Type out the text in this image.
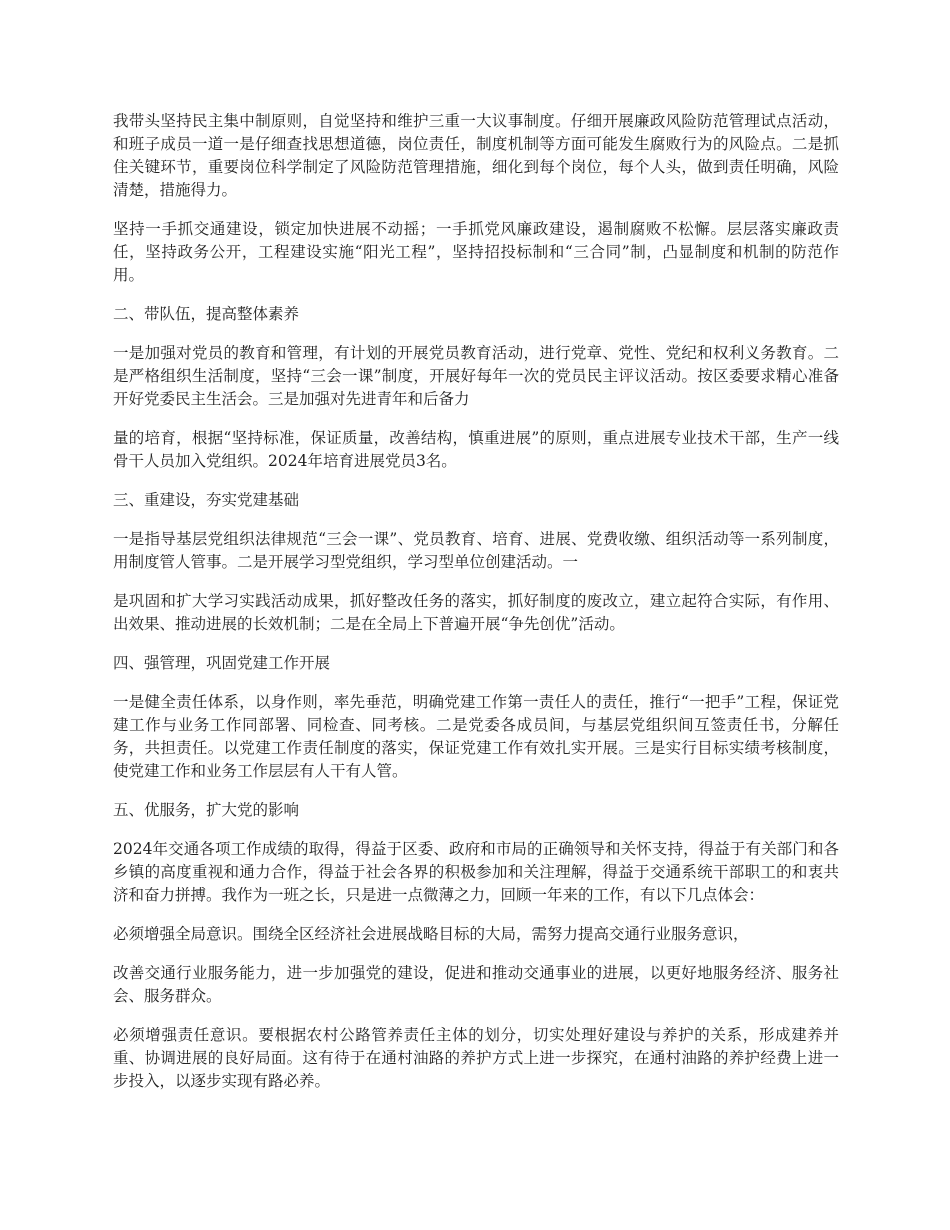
我带头坚持民主集中制原则，自觉坚持和维护三重一大议事制度。仔细开展廉政风险防范管理试点活动，和班子成员一道一是仔细查找思想道德，岗位责任，制度机制等方面可能发生腐败行为的风险点。二是抓住关键环节，重要岗位科学制定了风险防范管理措施，细化到每个岗位，每个人头，做到责任明确，风险清楚，措施得力。

坚持一手抓交通建设，锁定加快进展不动摇；一手抓党风廉政建设，遏制腐败不松懈。层层落实廉政责任，坚持政务公开，工程建设实施“阳光工程”，坚持招投标制和“三合同”制，凸显制度和机制的防范作用。

二、带队伍，提高整体素养

一是加强对党员的教育和管理，有计划的开展党员教育活动，进行党章、党性、党纪和权利义务教育。二是严格组织生活制度，坚持“三会一课”制度，开展好每年一次的党员民主评议活动。按区委要求精心准备开好党委民主生活会。三是加强对先进青年和后备力

量的培育，根据“坚持标准，保证质量，改善结构，慎重进展”的原则，重点进展专业技术干部，生产一线骨干人员加入党组织。2024年培育进展党员3名。

三、重建设，夯实党建基础

一是指导基层党组织法律规范“三会一课”、党员教育、培育、进展、党费收缴、组织活动等一系列制度，用制度管人管事。二是开展学习型党组织，学习型单位创建活动。一

是巩固和扩大学习实践活动成果，抓好整改任务的落实，抓好制度的废改立，建立起符合实际，有作用、出效果、推动进展的长效机制；二是在全局上下普遍开展“争先创优”活动。

四、强管理，巩固党建工作开展

一是健全责任体系，以身作则，率先垂范，明确党建工作第一责任人的责任，推行“一把手”工程，保证党建工作与业务工作同部署、同检查、同考核。二是党委各成员间，与基层党组织间互签责任书，分解任务，共担责任。以党建工作责任制度的落实，保证党建工作有效扎实开展。三是实行目标实绩考核制度，使党建工作和业务工作层层有人干有人管。

五、优服务，扩大党的影响

2024年交通各项工作成绩的取得，得益于区委、政府和市局的正确领导和关怀支持，得益于有关部门和各乡镇的高度重视和通力合作，得益于社会各界的积极参加和关注理解，得益于交通系统干部职工的和衷共济和奋力拼搏。我作为一班之长，只是进一点微薄之力，回顾一年来的工作，有以下几点体会：

必须增强全局意识。围绕全区经济社会进展战略目标的大局，需努力提高交通行业服务意识，

改善交通行业服务能力，进一步加强党的建设，促进和推动交通事业的进展，以更好地服务经济、服务社会、服务群众。

必须增强责任意识。要根据农村公路管养责任主体的划分，切实处理好建设与养护的关系，形成建养并重、协调进展的良好局面。这有待于在通村油路的养护方式上进一步探究，在通村油路的养护经费上进一步投入，以逐步实现有路必养。
